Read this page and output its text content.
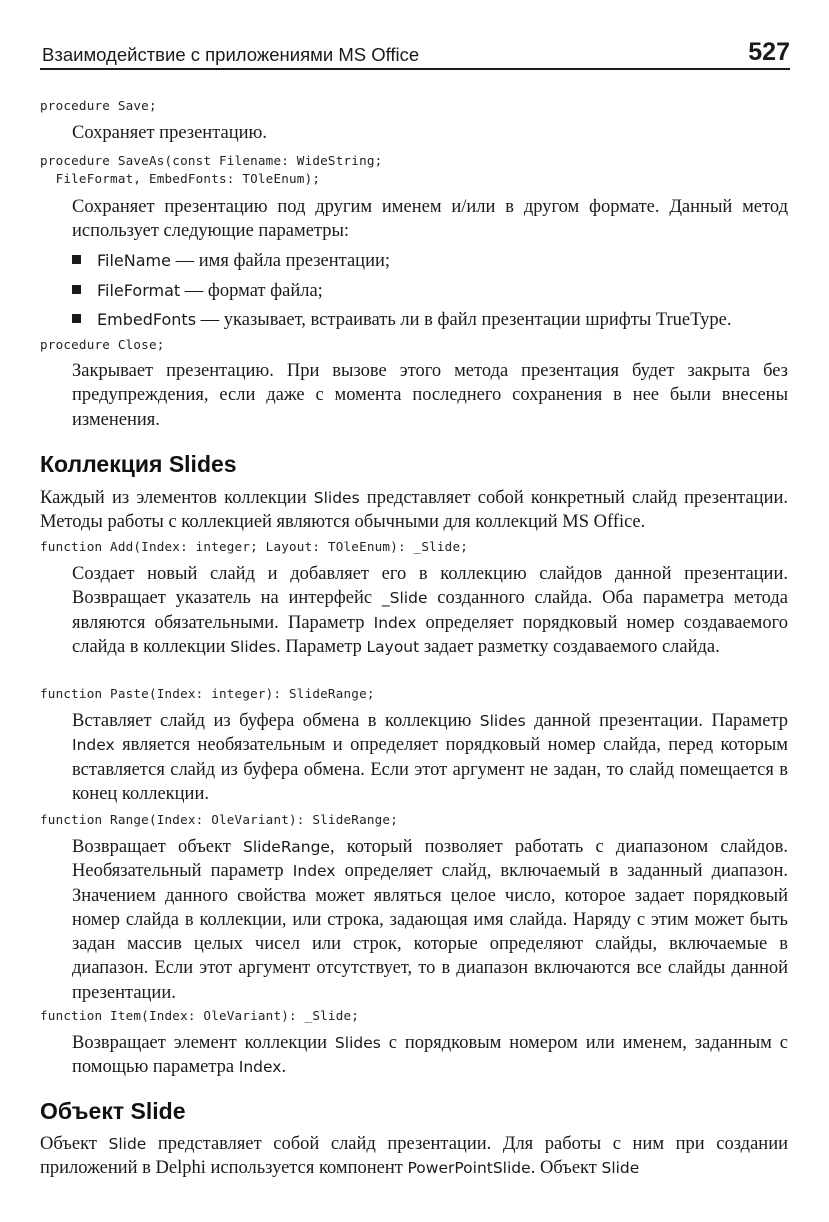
Взаимодействие с приложениями MS Office	527
procedure Save;
Сохраняет презентацию.
procedure SaveAs(const Filename: WideString;
FileFormat, EmbedFonts: TOleEnum);
Сохраняет презентацию под другим именем и/или в другом формате. Данный метод использует следующие параметры:
FileName — имя файла презентации;
FileFormat — формат файла;
EmbedFonts — указывает, встраивать ли в файл презентации шрифты TrueType.
procedure Close;
Закрывает презентацию. При вызове этого метода презентация будет закрыта без предупреждения, если даже с момента последнего сохранения в нее были внесены изменения.
Коллекция Slides
Каждый из элементов коллекции Slides представляет собой конкретный слайд презентации. Методы работы с коллекцией являются обычными для коллекций MS Office.
function Add(Index: integer; Layout: TOleEnum): _Slide;
Создает новый слайд и добавляет его в коллекцию слайдов данной презентации. Возвращает указатель на интерфейс _Slide созданного слайда. Оба параметра метода являются обязательными. Параметр Index определяет порядковый номер создаваемого слайда в коллекции Slides. Параметр Layout задает разметку создаваемого слайда.
function Paste(Index: integer): SlideRange;
Вставляет слайд из буфера обмена в коллекцию Slides данной презентации. Параметр Index является необязательным и определяет порядковый номер слайда, перед которым вставляется слайд из буфера обмена. Если этот аргумент не задан, то слайд помещается в конец коллекции.
function Range(Index: OleVariant): SlideRange;
Возвращает объект SlideRange, который позволяет работать с диапазоном слайдов. Необязательный параметр Index определяет слайд, включаемый в заданный диапазон. Значением данного свойства может являться целое число, которое задает порядковый номер слайда в коллекции, или строка, задающая имя слайда. Наряду с этим может быть задан массив целых чисел или строк, которые определяют слайды, включаемые в диапазон. Если этот аргумент отсутствует, то в диапазон включаются все слайды данной презентации.
function Item(Index: OleVariant): _Slide;
Возвращает элемент коллекции Slides с порядковым номером или именем, заданным с помощью параметра Index.
Объект Slide
Объект Slide представляет собой слайд презентации. Для работы с ним при создании приложений в Delphi используется компонент PowerPointSlide. Объект Slide
